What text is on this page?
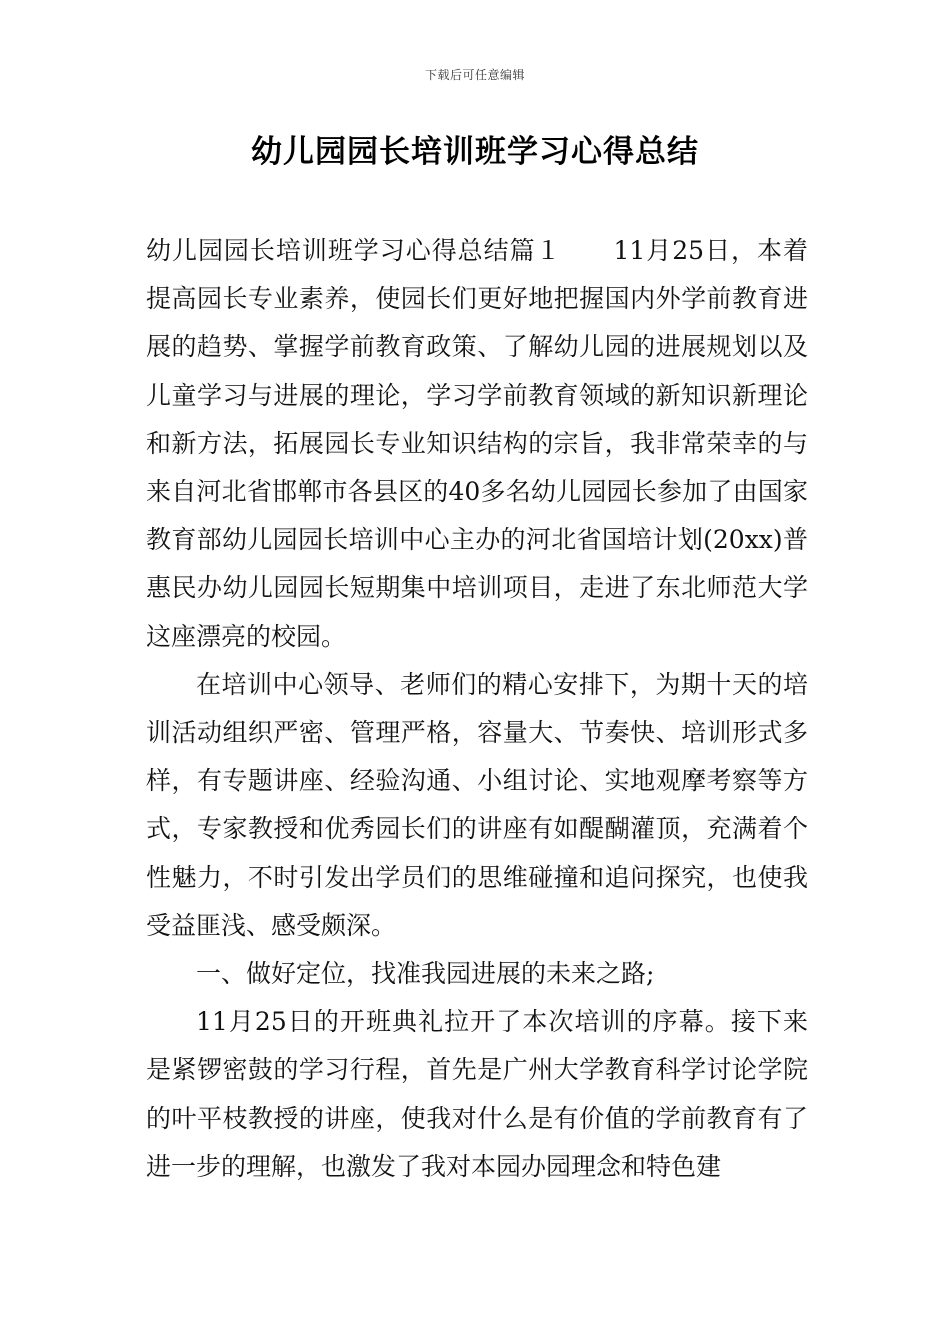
下载后可任意编辑
幼儿园园长培训班学习心得总结

幼儿园园长培训班学习心得总结篇１　　11月25日，本着提高园长专业素养，使园长们更好地把握国内外学前教育进展的趋势、掌握学前教育政策、了解幼儿园的进展规划以及儿童学习与进展的理论，学习学前教育领域的新知识新理论和新方法，拓展园长专业知识结构的宗旨，我非常荣幸的与来自河北省邯郸市各县区的40多名幼儿园园长参加了由国家教育部幼儿园园长培训中心主办的河北省国培计划(20xx)普惠民办幼儿园园长短期集中培训项目，走进了东北师范大学这座漂亮的校园。

在培训中心领导、老师们的精心安排下，为期十天的培训活动组织严密、管理严格，容量大、节奏快、培训形式多样，有专题讲座、经验沟通、小组讨论、实地观摩考察等方式，专家教授和优秀园长们的讲座有如醍醐灌顶，充满着个性魅力，不时引发出学员们的思维碰撞和追问探究，也使我受益匪浅、感受颇深。

一、做好定位，找准我园进展的未来之路;

11月25日的开班典礼拉开了本次培训的序幕。接下来是紧锣密鼓的学习行程，首先是广州大学教育科学讨论学院的叶平枝教授的讲座，使我对什么是有价值的学前教育有了进一步的理解，也激发了我对本园办园理念和特色建
